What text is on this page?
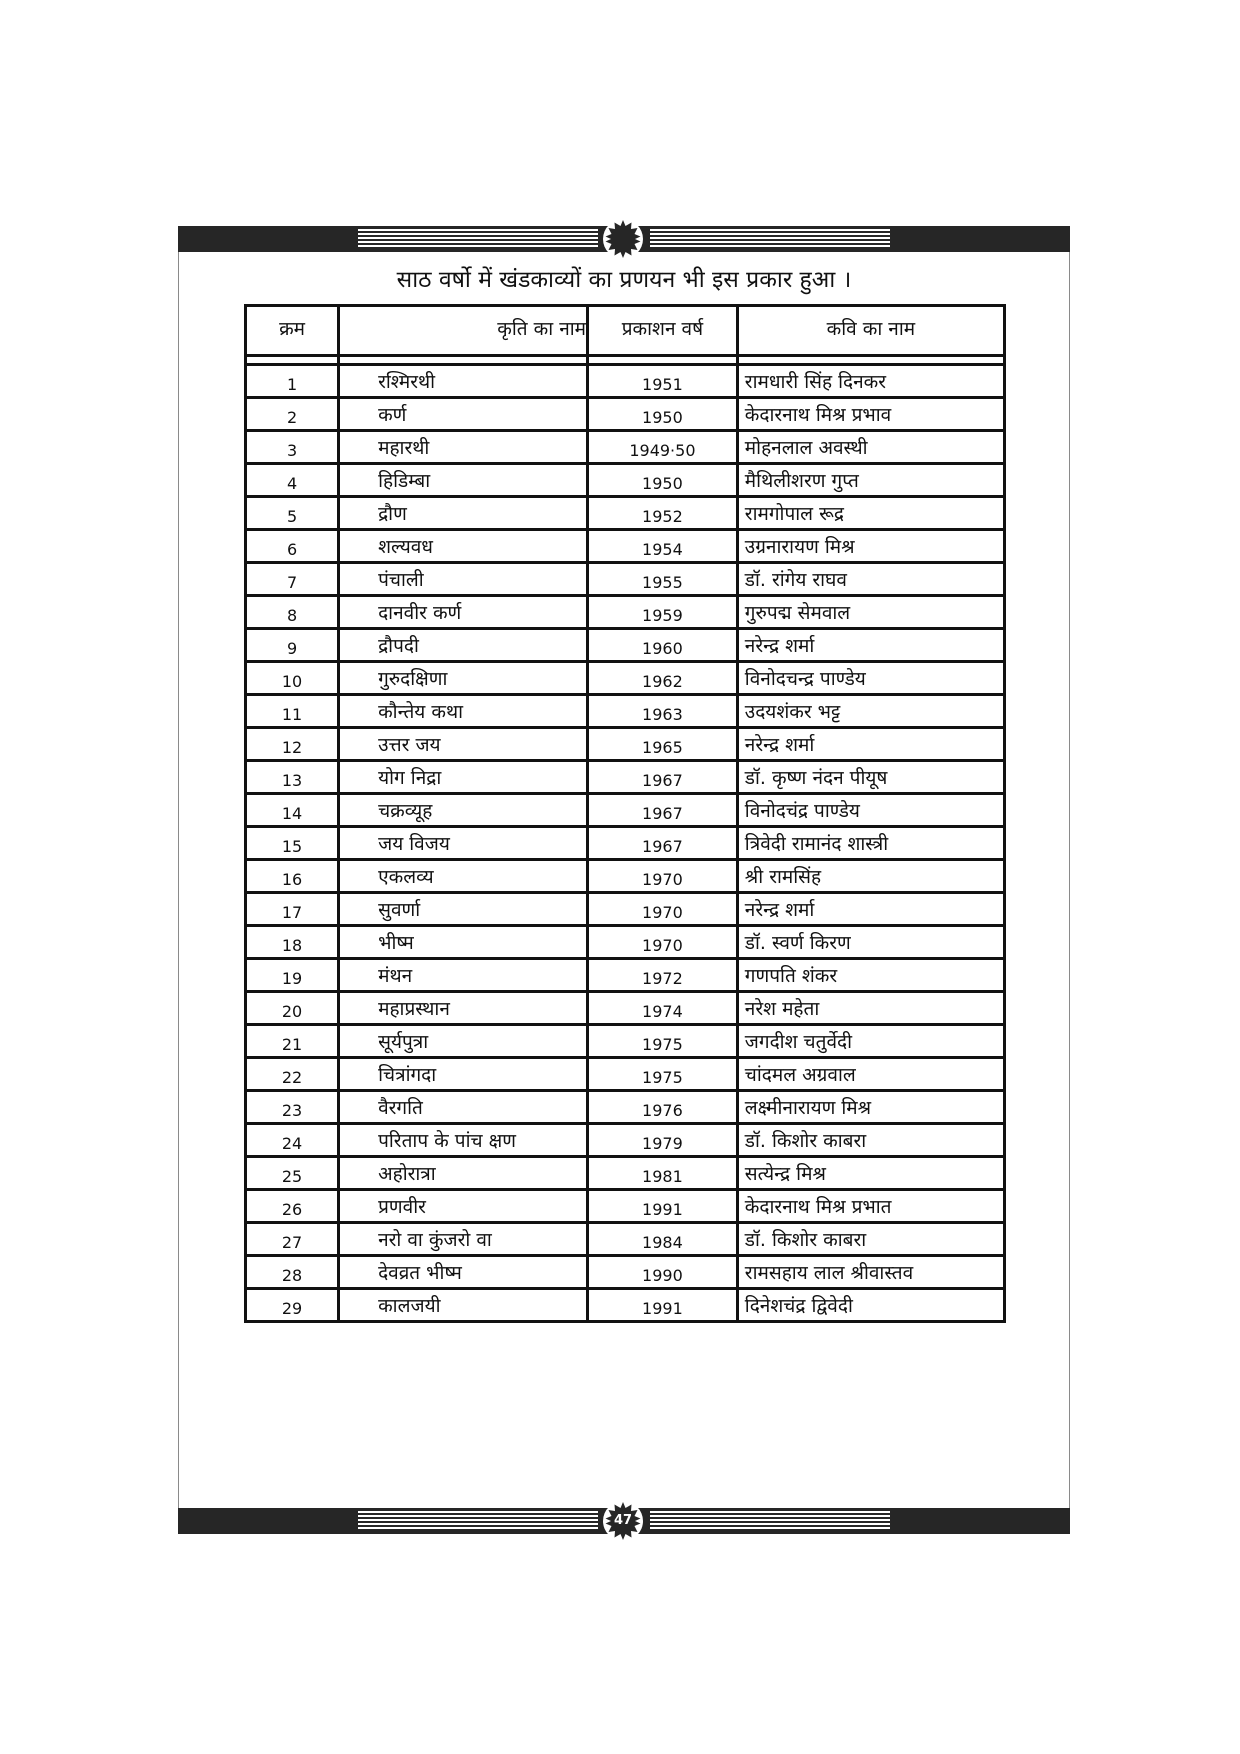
साठ वर्षो में खंडकाव्यों का प्रणयन भी इस प्रकार हुआ ।
क्रम	कृति का नाम	प्रकाशन वर्ष	कवि का नाम

1	रश्मिरथी	1951	रामधारी सिंह दिनकर
2	कर्ण	1950	केदारनाथ मिश्र प्रभाव
3	महारथी	1949·50	मोहनलाल अवस्थी
4	हिडिम्बा	1950	मैथिलीशरण गुप्त
5	द्रौण	1952	रामगोपाल रूद्र
6	शल्यवध	1954	उग्रनारायण मिश्र
7	पंचाली	1955	डॉ. रांगेय राघव
8	दानवीर कर्ण	1959	गुरुपद्म सेमवाल
9	द्रौपदी	1960	नरेन्द्र शर्मा
10	गुरुदक्षिणा	1962	विनोदचन्द्र पाण्डेय
11	कौन्तेय कथा	1963	उदयशंकर भट्ट
12	उत्तर जय	1965	नरेन्द्र शर्मा
13	योग निद्रा	1967	डॉ. कृष्ण नंदन पीयूष
14	चक्रव्यूह	1967	विनोदचंद्र पाण्डेय
15	जय विजय	1967	त्रिवेदी रामानंद शास्त्री
16	एकलव्य	1970	श्री रामसिंह
17	सुवर्णा	1970	नरेन्द्र शर्मा
18	भीष्म	1970	डॉ. स्वर्ण किरण
19	मंथन	1972	गणपति शंकर
20	महाप्रस्थान	1974	नरेश महेता
21	सूर्यपुत्रा	1975	जगदीश चतुर्वेदी
22	चित्रांगदा	1975	चांदमल अग्रवाल
23	वैरगति	1976	लक्ष्मीनारायण मिश्र
24	परिताप के पांच क्षण	1979	डॉ. किशोर काबरा
25	अहोरात्रा	1981	सत्येन्द्र मिश्र
26	प्रणवीर	1991	केदारनाथ मिश्र प्रभात
27	नरो वा कुंजरो वा	1984	डॉ. किशोर काबरा
28	देवव्रत भीष्म	1990	रामसहाय लाल श्रीवास्तव
29	कालजयी	1991	दिनेशचंद्र द्विवेदी
47
